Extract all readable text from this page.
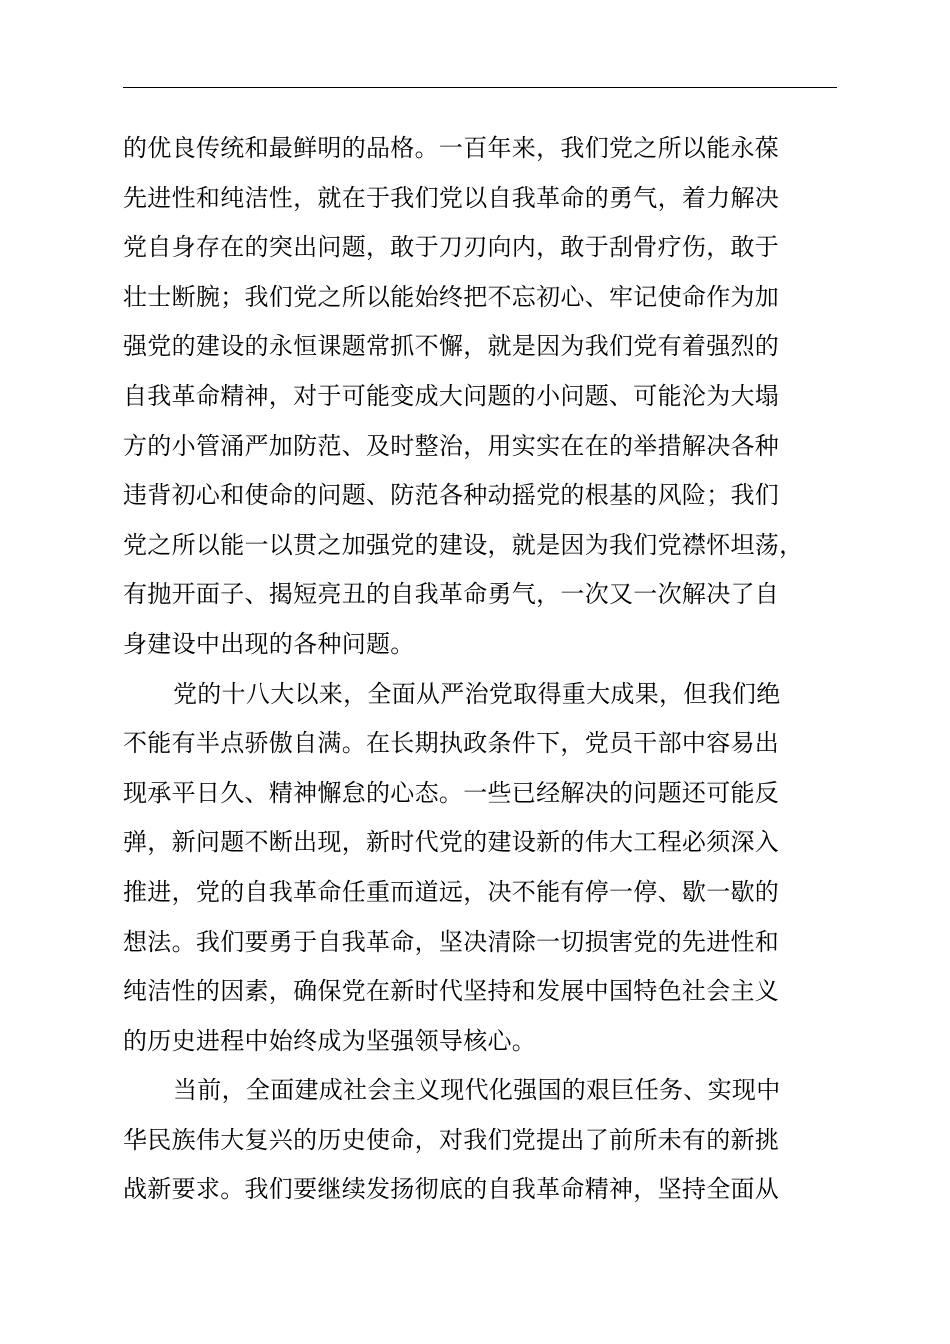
的优良传统和最鲜明的品格。一百年来，我们党之所以能永葆
先进性和纯洁性，就在于我们党以自我革命的勇气，着力解决
党自身存在的突出问题，敢于刀刃向内，敢于刮骨疗伤，敢于
壮士断腕；我们党之所以能始终把不忘初心、牢记使命作为加
强党的建设的永恒课题常抓不懈，就是因为我们党有着强烈的
自我革命精神，对于可能变成大问题的小问题、可能沦为大塌
方的小管涌严加防范、及时整治，用实实在在的举措解决各种
违背初心和使命的问题、防范各种动摇党的根基的风险；我们
党之所以能一以贯之加强党的建设，就是因为我们党襟怀坦荡，
有抛开面子、揭短亮丑的自我革命勇气，一次又一次解决了自
身建设中出现的各种问题。
党的十八大以来，全面从严治党取得重大成果，但我们绝
不能有半点骄傲自满。在长期执政条件下，党员干部中容易出
现承平日久、精神懈怠的心态。一些已经解决的问题还可能反
弹，新问题不断出现，新时代党的建设新的伟大工程必须深入
推进，党的自我革命任重而道远，决不能有停一停、歇一歇的
想法。我们要勇于自我革命，坚决清除一切损害党的先进性和
纯洁性的因素，确保党在新时代坚持和发展中国特色社会主义
的历史进程中始终成为坚强领导核心。
当前，全面建成社会主义现代化强国的艰巨任务、实现中
华民族伟大复兴的历史使命，对我们党提出了前所未有的新挑
战新要求。我们要继续发扬彻底的自我革命精神，坚持全面从
